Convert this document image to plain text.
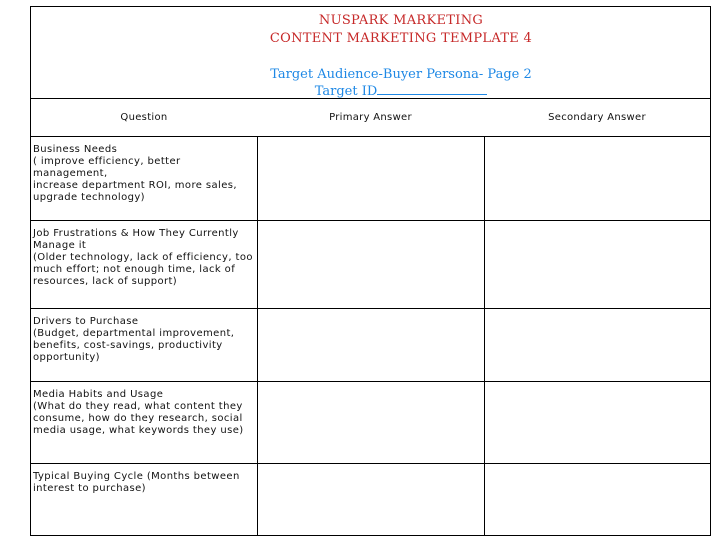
NUSPARK MARKETING
CONTENT MARKETING TEMPLATE 4
Target Audience-Buyer Persona- Page 2
Target ID
Question	Primary Answer	Secondary Answer
Business Needs
( improve efficiency, better management,
increase department ROI, more sales,
upgrade technology)
Job Frustrations & How They Currently
Manage it
(Older technology, lack of efficiency, too
much effort; not enough time, lack of
resources, lack of support)
Drivers to Purchase
(Budget, departmental improvement,
benefits, cost-savings, productivity
opportunity)
Media Habits and Usage
(What do they read, what content they
consume, how do they research, social
media usage, what keywords they use)
Typical Buying Cycle (Months between
interest to purchase)
